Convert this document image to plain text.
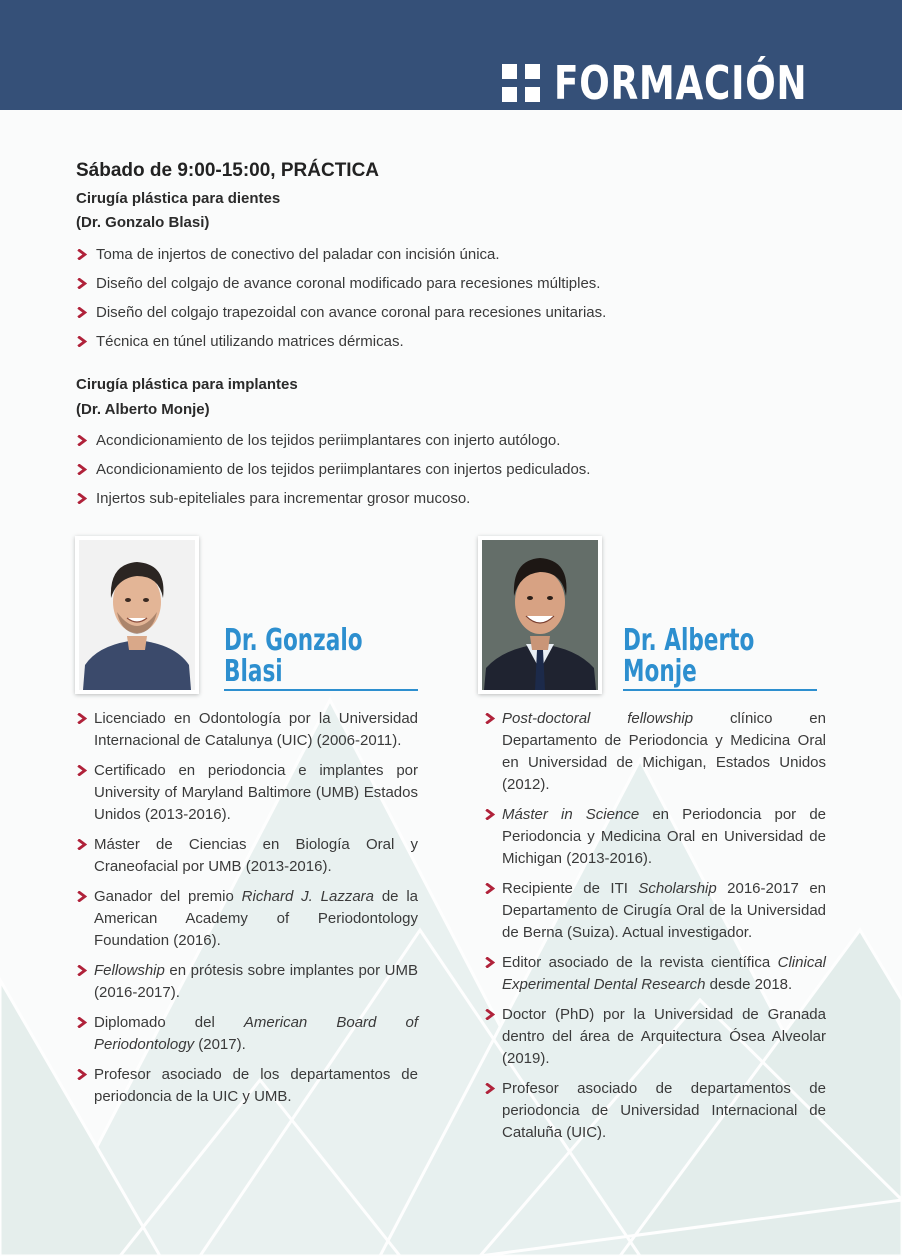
FORMACIÓN
Sábado de 9:00-15:00, PRÁCTICA
Cirugía plástica para dientes
(Dr. Gonzalo Blasi)
Toma de injertos de conectivo del paladar con incisión única.
Diseño del colgajo de avance coronal modificado para recesiones múltiples.
Diseño del colgajo trapezoidal con avance coronal para recesiones unitarias.
Técnica en túnel utilizando matrices dérmicas.
Cirugía plástica para implantes
(Dr. Alberto Monje)
Acondicionamiento de los tejidos periimplantares con injerto autólogo.
Acondicionamiento de los tejidos periimplantares con injertos pediculados.
Injertos sub-epiteliales para incrementar grosor mucoso.
Dr. Gonzalo
Blasi
Licenciado en Odontología por la Universidad Internacional de Catalunya (UIC) (2006-2011).
Certificado en periodoncia e implantes por University of Maryland Baltimore (UMB) Estados Unidos (2013-2016).
Máster de Ciencias en Biología Oral y Craneofacial por UMB (2013-2016).
Ganador del premio Richard J. Lazzara de la American Academy of Periodontology Foundation (2016).
Fellowship en prótesis sobre implantes por UMB (2016-2017).
Diplomado del American Board of Periodontology (2017).
Profesor asociado de los departamentos de periodoncia de la UIC y UMB.
Dr. Alberto
Monje
Post-doctoral fellowship clínico en Departamento de Periodoncia y Medicina Oral en Universidad de Michigan, Estados Unidos (2012).
Máster in Science en Periodoncia por de Periodoncia y Medicina Oral en Universidad de Michigan (2013-2016).
Recipiente de ITI Scholarship 2016-2017 en Departamento de Cirugía Oral de la Universidad de Berna (Suiza). Actual investigador.
Editor asociado de la revista científica Clinical Experimental Dental Research desde 2018.
Doctor (PhD) por la Universidad de Granada dentro del área de Arquitectura Ósea Alveolar (2019).
Profesor asociado de departamentos de periodoncia de Universidad Internacional de Cataluña (UIC).
